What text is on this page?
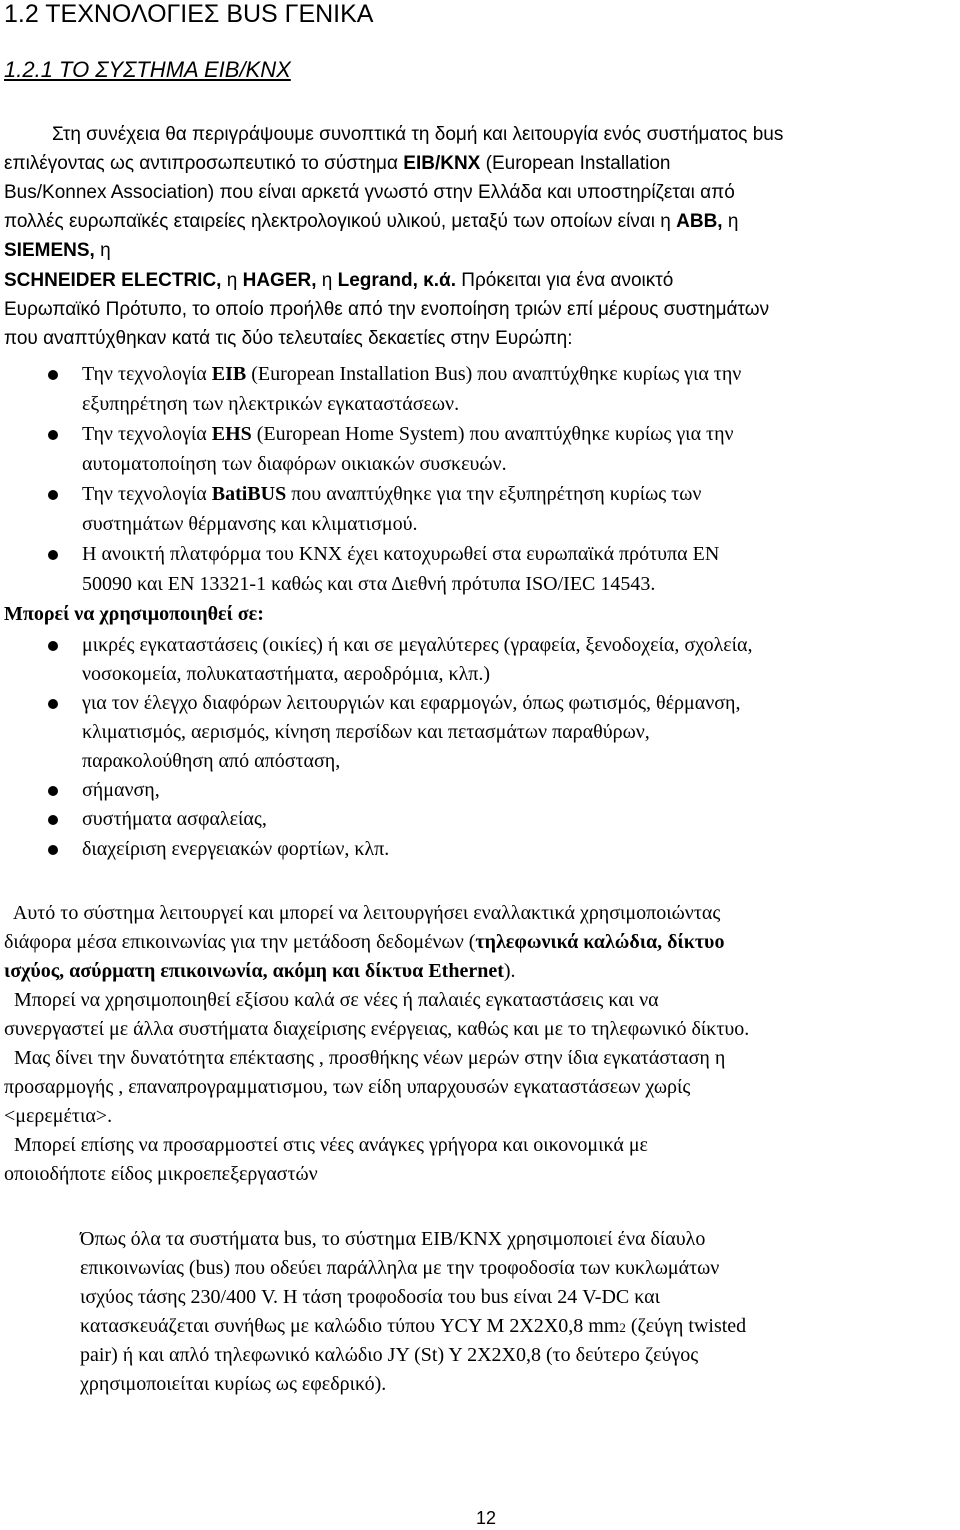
1.2 ΤΕΧΝΟΛΟΓΙΕΣ BUS ΓΕΝΙΚΑ
1.2.1 ΤΟ ΣΥΣΤΗΜΑ EIB/KNX
Στη συνέχεια θα περιγράψουμε συνοπτικά τη δομή και λειτουργία ενός συστήματος bus
επιλέγοντας ως αντιπροσωπευτικό το σύστημα EIB/KNX (European Installation
Bus/Konnex Association) που είναι αρκετά γνωστό στην Ελλάδα και υποστηρίζεται από
πολλές ευρωπαϊκές εταιρείες ηλεκτρολογικού υλικού, μεταξύ των οποίων είναι η ABB, η
SIEMENS, η
SCHNEIDER ELECTRIC, η HAGER, η Legrand, κ.ά. Πρόκειται για ένα ανοικτό
Ευρωπαϊκό Πρότυπο, το οποίο προήλθε από την ενοποίηση τριών επί μέρους συστημάτων
που αναπτύχθηκαν κατά τις δύο τελευταίες δεκαετίες στην Ευρώπη:
Την τεχνολογία EIB (European Installation Bus) που αναπτύχθηκε κυρίως για την
εξυπηρέτηση των ηλεκτρικών εγκαταστάσεων.
Την τεχνολογία EHS (European Home System) που αναπτύχθηκε κυρίως για την
αυτοματοποίηση των διαφόρων οικιακών συσκευών.
Την τεχνολογία BatiBUS που αναπτύχθηκε για την εξυπηρέτηση κυρίως των
συστημάτων θέρμανσης και κλιματισμού.
Η ανοικτή πλατφόρμα του ΚΝΧ έχει κατοχυρωθεί στα ευρωπαϊκά πρότυπα ΕΝ
50090 και ΕΝ 13321-1 καθώς και στα Διεθνή πρότυπα ISO/IEC 14543.
Μπορεί να χρησιμοποιηθεί σε:
μικρές εγκαταστάσεις (οικίες) ή και σε μεγαλύτερες (γραφεία, ξενοδοχεία, σχολεία,
νοσοκομεία, πολυκαταστήματα, αεροδρόμια, κλπ.)
για τον έλεγχο διαφόρων λειτουργιών και εφαρμογών, όπως φωτισμός, θέρμανση,
κλιματισμός, αερισμός, κίνηση περσίδων και πετασμάτων παραθύρων,
παρακολούθηση από απόσταση,
σήμανση,
συστήματα ασφαλείας,
διαχείριση ενεργειακών φορτίων, κλπ.
Αυτό το σύστημα λειτουργεί και μπορεί να λειτουργήσει εναλλακτικά χρησιμοποιώντας
διάφορα μέσα επικοινωνίας για την μετάδοση δεδομένων (τηλεφωνικά καλώδια, δίκτυο
ισχύος, ασύρματη επικοινωνία, ακόμη και δίκτυα Ethernet).
Μπορεί να χρησιμοποιηθεί εξίσου καλά σε νέες ή παλαιές εγκαταστάσεις και να
συνεργαστεί με άλλα συστήματα διαχείρισης ενέργειας, καθώς και με το τηλεφωνικό δίκτυο.
Μας δίνει την δυνατότητα επέκτασης , προσθήκης νέων μερών στην ίδια εγκατάσταση η
προσαρμογής , επαναπρογραμματισμου, των είδη υπαρχουσών εγκαταστάσεων χωρίς
<μερεμέτια>.
Μπορεί επίσης να προσαρμοστεί στις νέες ανάγκες γρήγορα και οικονομικά με
οποιοδήποτε είδος μικροεπεξεργαστών
Όπως όλα τα συστήματα bus, το σύστημα EIB/KNX χρησιμοποιεί ένα δίαυλο
επικοινωνίας (bus) που οδεύει παράλληλα με την τροφοδοσία των κυκλωμάτων
ισχύος τάσης 230/400 V. Η τάση τροφοδοσία του bus είναι 24 V-DC και
κατασκευάζεται συνήθως με καλώδιο τύπου YCY M 2X2X0,8 mm2 (ζεύγη twisted
pair) ή και απλό τηλεφωνικό καλώδιο JY (St) Y 2X2X0,8 (το δεύτερο ζεύγος
χρησιμοποιείται κυρίως ως εφεδρικό).
12
